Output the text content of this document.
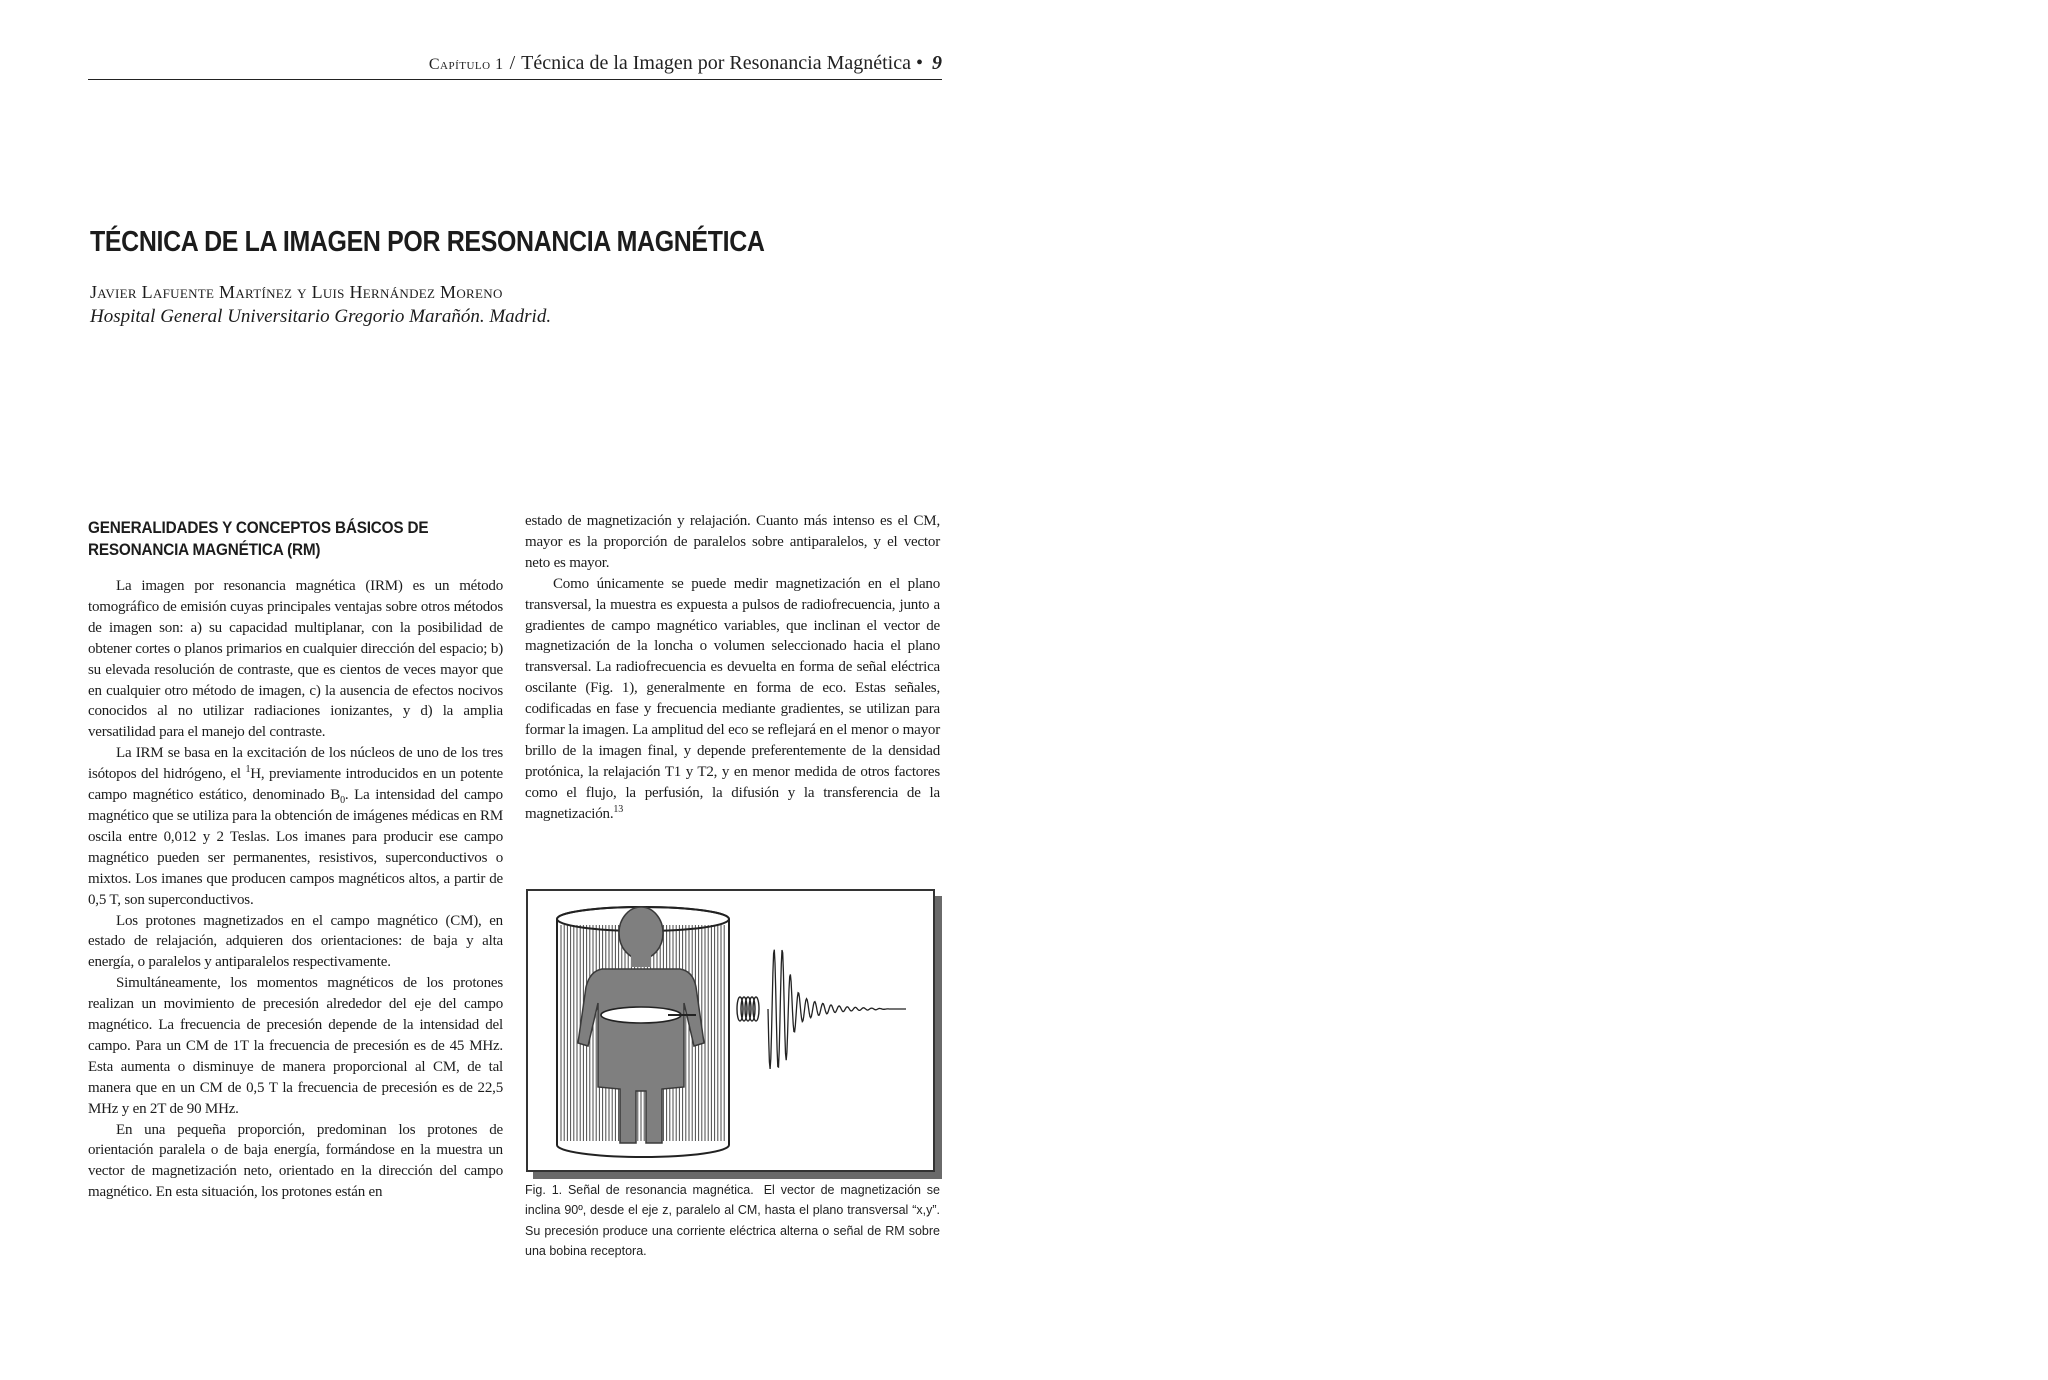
Capítulo 1 / Técnica de la Imagen por Resonancia Magnética • 9
TÉCNICA DE LA IMAGEN POR RESONANCIA MAGNÉTICA
Javier Lafuente Martínez y Luis Hernández Moreno
Hospital General Universitario Gregorio Marañón. Madrid.
GENERALIDADES Y CONCEPTOS BÁSICOS DE
RESONANCIA MAGNÉTICA (RM)

La imagen por resonancia magnética (IRM) es un método tomográfico de emisión cuyas principales ventajas sobre otros métodos de imagen son: a) su capacidad multiplanar, con la posibilidad de obtener cortes o planos primarios en cualquier dirección del espacio; b) su elevada resolución de contraste, que es cientos de veces mayor que en cualquier otro método de imagen, c) la ausencia de efectos nocivos conocidos al no utilizar radiaciones ionizantes, y d) la amplia versatilidad para el manejo del contraste.

La IRM se basa en la excitación de los núcleos de uno de los tres isótopos del hidrógeno, el $^1$H, previamente introducidos en un potente campo magnético estático, denominado $B_0$. La intensidad del campo magnético que se utiliza para la obtención de imágenes médicas en RM oscila entre 0,012 y 2 Teslas. Los imanes para producir ese campo magnético pueden ser permanentes, resistivos, superconductivos o mixtos. Los imanes que producen campos magnéticos altos, a partir de 0,5 T, son superconductivos.

Los protones magnetizados en el campo magnético (CM), en estado de relajación, adquieren dos orientaciones: de baja y alta energía, o paralelos y antiparalelos respectivamente.

Simultáneamente, los momentos magnéticos de los protones realizan un movimiento de precesión alrededor del eje del campo magnético. La frecuencia de precesión depende de la intensidad del campo. Para un CM de 1T la frecuencia de precesión es de 45 MHz. Esta aumenta o disminuye de manera proporcional al CM, de tal manera que en un CM de 0,5 T la frecuencia de precesión es de 22,5 MHz y en 2T de 90 MHz.

En una pequeña proporción, predominan los protones de orientación paralela o de baja energía, formándose en la muestra un vector de magnetización neto, orientado en la dirección del campo magnético. En esta situación, los protones están en

estado de magnetización y relajación. Cuanto más intenso es el CM, mayor es la proporción de paralelos sobre antiparalelos, y el vector neto es mayor.

Como únicamente se puede medir magnetización en el plano transversal, la muestra es expuesta a pulsos de radiofrecuencia, junto a gradientes de campo magnético variables, que inclinan el vector de magnetización de la loncha o volumen seleccionado hacia el plano transversal. La radiofrecuencia es devuelta en forma de señal eléctrica oscilante (Fig. 1), generalmente en forma de eco. Estas señales, codificadas en fase y frecuencia mediante gradientes, se utilizan para formar la imagen. La amplitud del eco se reflejará en el menor o mayor brillo de la imagen final, y depende preferentemente de la densidad protónica, la relajación T1 y T2, y en menor medida de otros factores como el flujo, la perfusión, la difusión y la transferencia de la magnetización.$^{13}$

Fig. 1. Señal de resonancia magnética. El vector de magnetización se inclina 90º, desde el eje z, paralelo al CM, hasta el plano transversal “x,y”. Su precesión produce una corriente eléctrica alterna o señal de RM sobre una bobina receptora.
